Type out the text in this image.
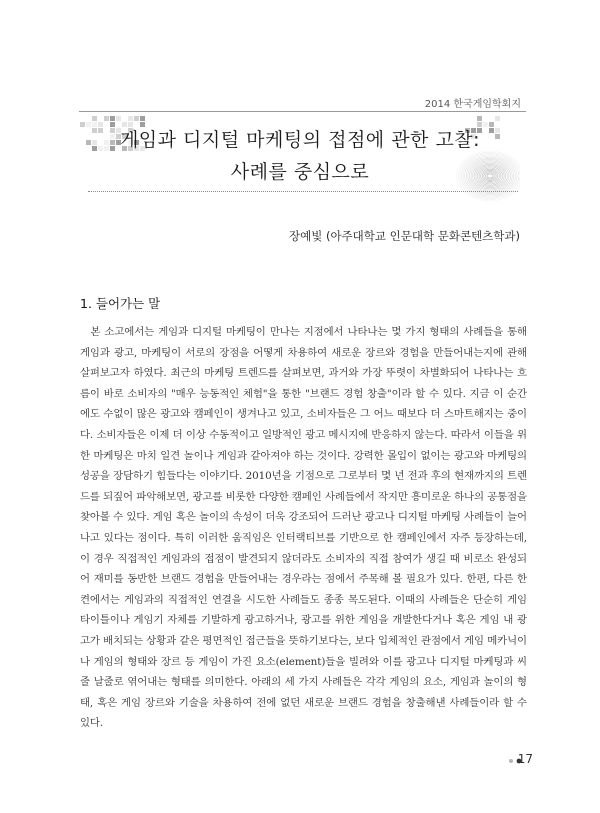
2014 한국게임학회지
게임과 디지털 마케팅의 접점에 관한 고찰:
사례를 중심으로
장예빛 (아주대학교 인문대학 문화콘텐츠학과)
1. 들어가는 말

본 소고에서는 게임과 디지털 마케팅이 만나는 지점에서 나타나는 몇 가지 형태의 사례들을 통해 게임과 광고, 마케팅이 서로의 장점을 어떻게 차용하여 새로운 장르와 경험을 만들어내는지에 관해 살펴보고자 하였다. 최근의 마케팅 트렌드를 살펴보면, 과거와 가장 뚜렷이 차별화되어 나타나는 흐름이 바로 소비자의 "매우 능동적인 체험"을 통한 "브랜드 경험 창출"이라 할 수 있다. 지금 이 순간에도 수없이 많은 광고와 캠페인이 생겨나고 있고, 소비자들은 그 어느 때보다 더 스마트해지는 중이다. 소비자들은 이제 더 이상 수동적이고 일방적인 광고 메시지에 반응하지 않는다. 따라서 이들을 위한 마케팅은 마치 일견 놀이나 게임과 같아져야 하는 것이다. 강력한 몰입이 없이는 광고와 마케팅의 성공을 장담하기 힘들다는 이야기다. 2010년을 기점으로 그로부터 몇 년 전과 후의 현재까지의 트렌드를 되짚어 파악해보면, 광고를 비롯한 다양한 캠페인 사례들에서 작지만 흥미로운 하나의 공통점을 찾아볼 수 있다. 게임 혹은 놀이의 속성이 더욱 강조되어 드러난 광고나 디지털 마케팅 사례들이 늘어나고 있다는 점이다. 특히 이러한 움직임은 인터랙티브를 기반으로 한 캠페인에서 자주 등장하는데, 이 경우 직접적인 게임과의 접점이 발견되지 않더라도 소비자의 직접 참여가 생길 때 비로소 완성되어 재미를 동반한 브랜드 경험을 만들어내는 경우라는 점에서 주목해 볼 필요가 있다. 한편, 다른 한켠에서는 게임과의 직접적인 연결을 시도한 사례들도 종종 목도된다. 이때의 사례들은 단순히 게임 타이틀이나 게임기 자체를 기발하게 광고하거나, 광고를 위한 게임을 개발한다거나 혹은 게임 내 광고가 배치되는 상황과 같은 평면적인 접근들을 뜻하기보다는, 보다 입체적인 관점에서 게임 메카닉이나 게임의 형태와 장르 등 게임이 가진 요소(element)들을 빌려와 이를 광고나 디지털 마케팅과 씨줄 날줄로 엮어내는 형태를 의미한다. 아래의 세 가지 사례들은 각각 게임의 요소, 게임과 놀이의 형태, 혹은 게임 장르와 기술을 차용하여 전에 없던 새로운 브랜드 경험을 창출해낸 사례들이라 할 수 있다.

17
